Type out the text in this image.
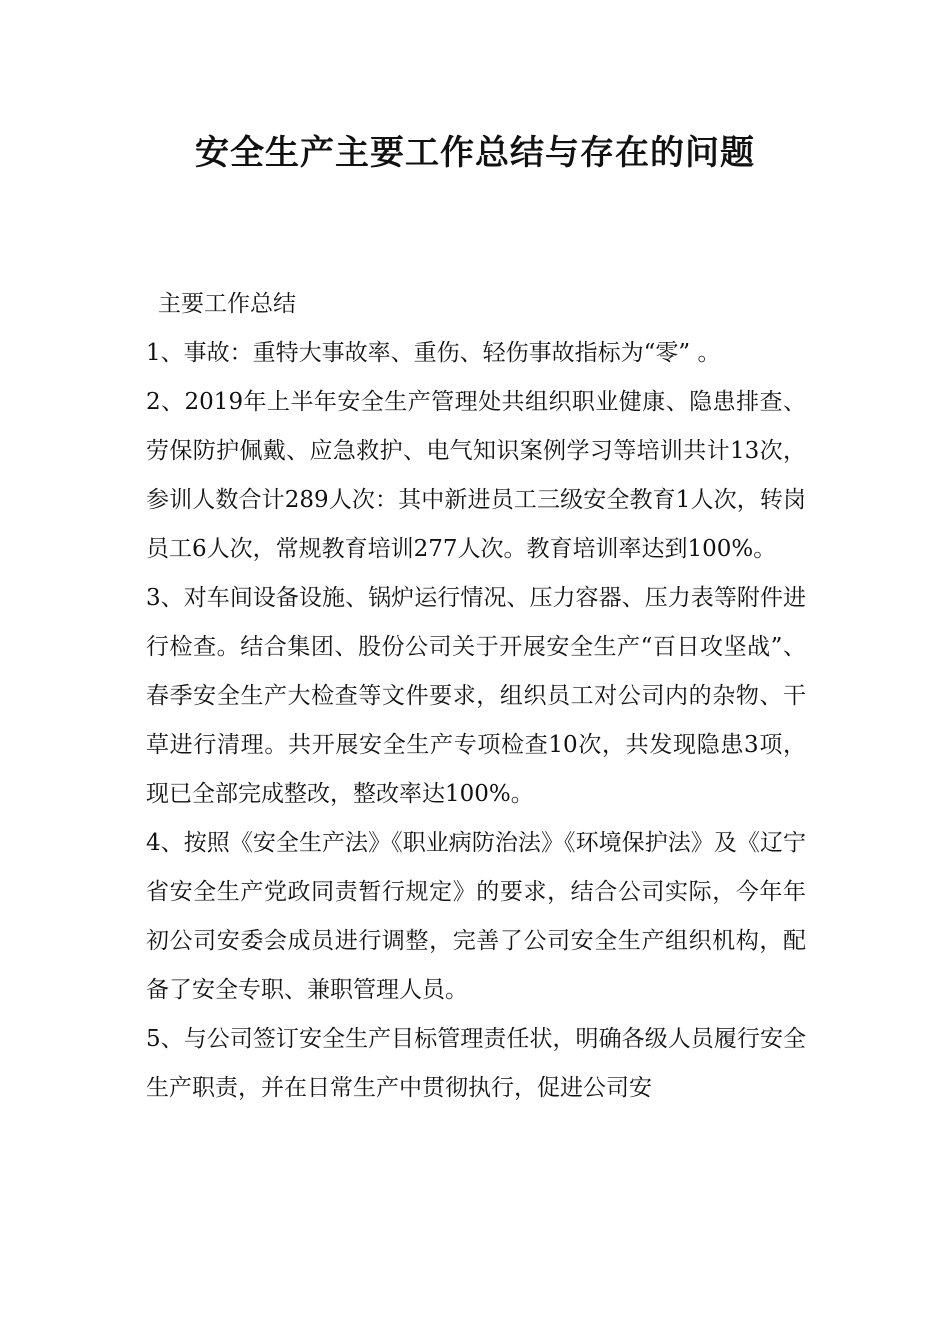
安全生产主要工作总结与存在的问题
主要工作总结

1、事故：重特大事故率、重伤、轻伤事故指标为“零” 。

2、2019年上半年安全生产管理处共组织职业健康、隐患排查、劳保防护佩戴、应急救护、电气知识案例学习等培训共计13次，参训人数合计289人次：其中新进员工三级安全教育1人次，转岗员工6人次，常规教育培训277人次。教育培训率达到100%。

3、对车间设备设施、锅炉运行情况、压力容器、压力表等附件进行检查。结合集团、股份公司关于开展安全生产“百日攻坚战”、春季安全生产大检查等文件要求，组织员工对公司内的杂物、干草进行清理。共开展安全生产专项检查10次，共发现隐患3项，现已全部完成整改，整改率达100%。

4、按照《安全生产法》《职业病防治法》《环境保护法》及《辽宁省安全生产党政同责暂行规定》的要求，结合公司实际，今年年初公司安委会成员进行调整，完善了公司安全生产组织机构，配备了安全专职、兼职管理人员。

5、与公司签订安全生产目标管理责任状，明确各级人员履行安全生产职责，并在日常生产中贯彻执行，促进公司安
